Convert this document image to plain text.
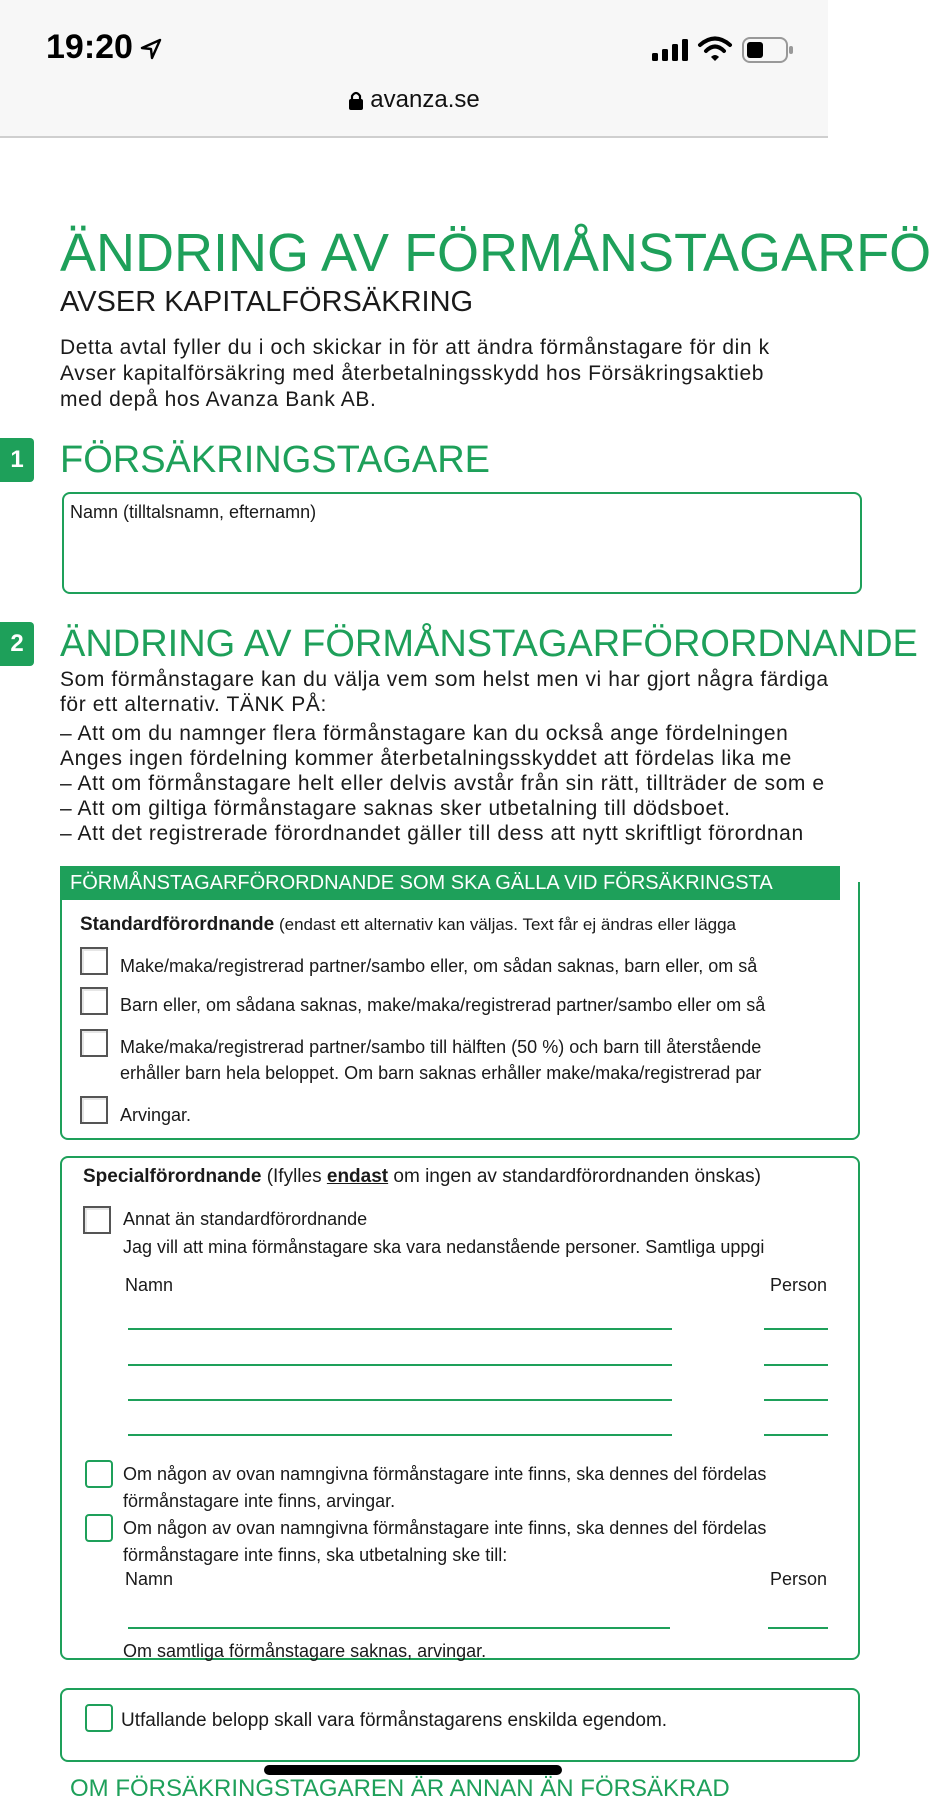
19:20
avanza.se
ÄNDRING AV FÖRMÅNSTAGARFÖ
AVSER KAPITALFÖRSÄKRING
Detta avtal fyller du i och skickar in för att ändra förmånstagare för din k
Avser kapitalförsäkring med återbetalningsskydd hos Försäkringsaktieb
med depå hos Avanza Bank AB.
1 FÖRSÄKRINGSTAGARE
Namn (tilltalsnamn, efternamn)
2 ÄNDRING AV FÖRMÅNSTAGARFÖRORDNANDE
Som förmånstagare kan du välja vem som helst men vi har gjort några färdiga
för ett alternativ. TÄNK PÅ:
– Att om du namnger flera förmånstagare kan du också ange fördelningen
Anges ingen fördelning kommer återbetalningsskyddet att fördelas lika me
– Att om förmånstagare helt eller delvis avstår från sin rätt, tillträder de som e
– Att om giltiga förmånstagare saknas sker utbetalning till dödsboet.
– Att det registrerade förordnandet gäller till dess att nytt skriftligt förordnan
FÖRMÅNSTAGARFÖRORDNANDE SOM SKA GÄLLA VID FÖRSÄKRINGSTA
Standardförordnande (endast ett alternativ kan väljas. Text får ej ändras eller lägga
Make/maka/registrerad partner/sambo eller, om sådan saknas, barn eller, om så
Barn eller, om sådana saknas, make/maka/registrerad partner/sambo eller om så
Make/maka/registrerad partner/sambo till hälften (50 %) och barn till återstående
erhåller barn hela beloppet. Om barn saknas erhåller make/maka/registrerad par
Arvingar.
Specialförordnande (Ifylles endast om ingen av standardförordnanden önskas)
Annat än standardförordnande
Jag vill att mina förmånstagare ska vara nedanstående personer. Samtliga uppgi
Namn	Person
Om någon av ovan namngivna förmånstagare inte finns, ska dennes del fördelas
förmånstagare inte finns, arvingar.
Om någon av ovan namngivna förmånstagare inte finns, ska dennes del fördelas
förmånstagare inte finns, ska utbetalning ske till:
Namn	Person
Om samtliga förmånstagare saknas, arvingar.
Utfallande belopp skall vara förmånstagarens enskilda egendom.
OM FÖRSÄKRINGSTAGAREN ÄR ANNAN ÄN FÖRSÄKRAD
